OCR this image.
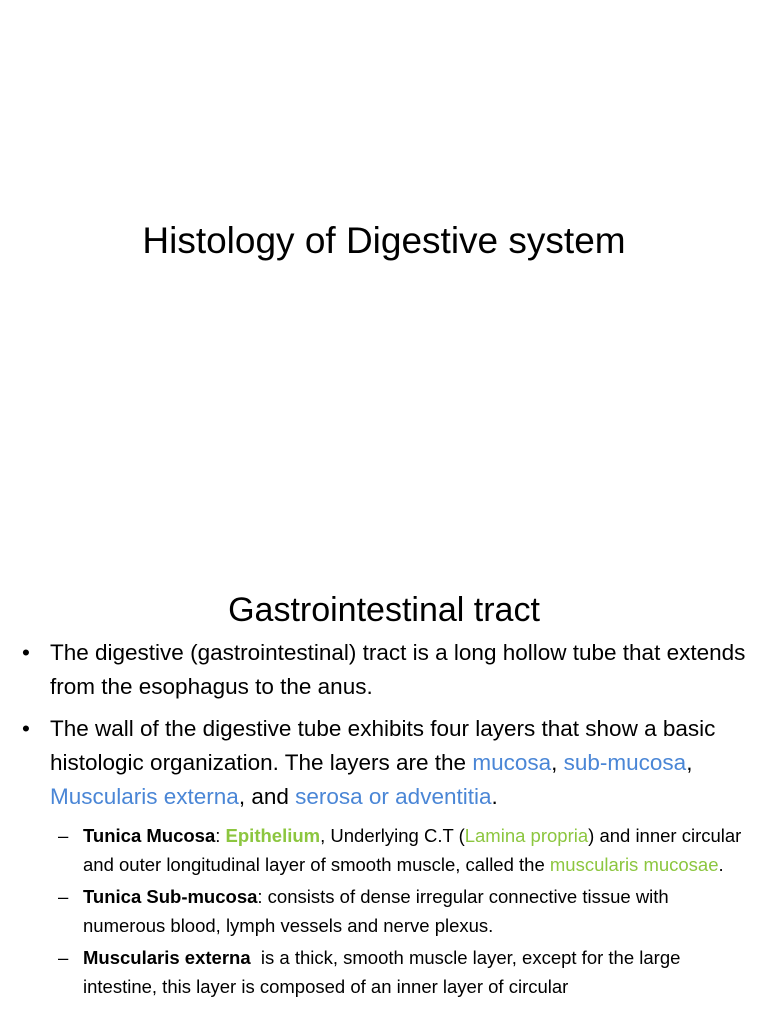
Histology of Digestive system
Gastrointestinal tract
• The digestive (gastrointestinal) tract is a long hollow tube that extends from the esophagus to the anus.
• The wall of the digestive tube exhibits four layers that show a basic histologic organization. The layers are the mucosa, sub-mucosa, Muscularis externa, and serosa or adventitia.
– Tunica Mucosa: Epithelium, Underlying C.T (Lamina propria) and inner circular and outer longitudinal layer of smooth muscle, called the muscularis mucosae.
– Tunica Sub-mucosa: consists of dense irregular connective tissue with numerous blood, lymph vessels and nerve plexus.
– Muscularis externa  is a thick, smooth muscle layer, except for the large intestine, this layer is composed of an inner layer of circular
